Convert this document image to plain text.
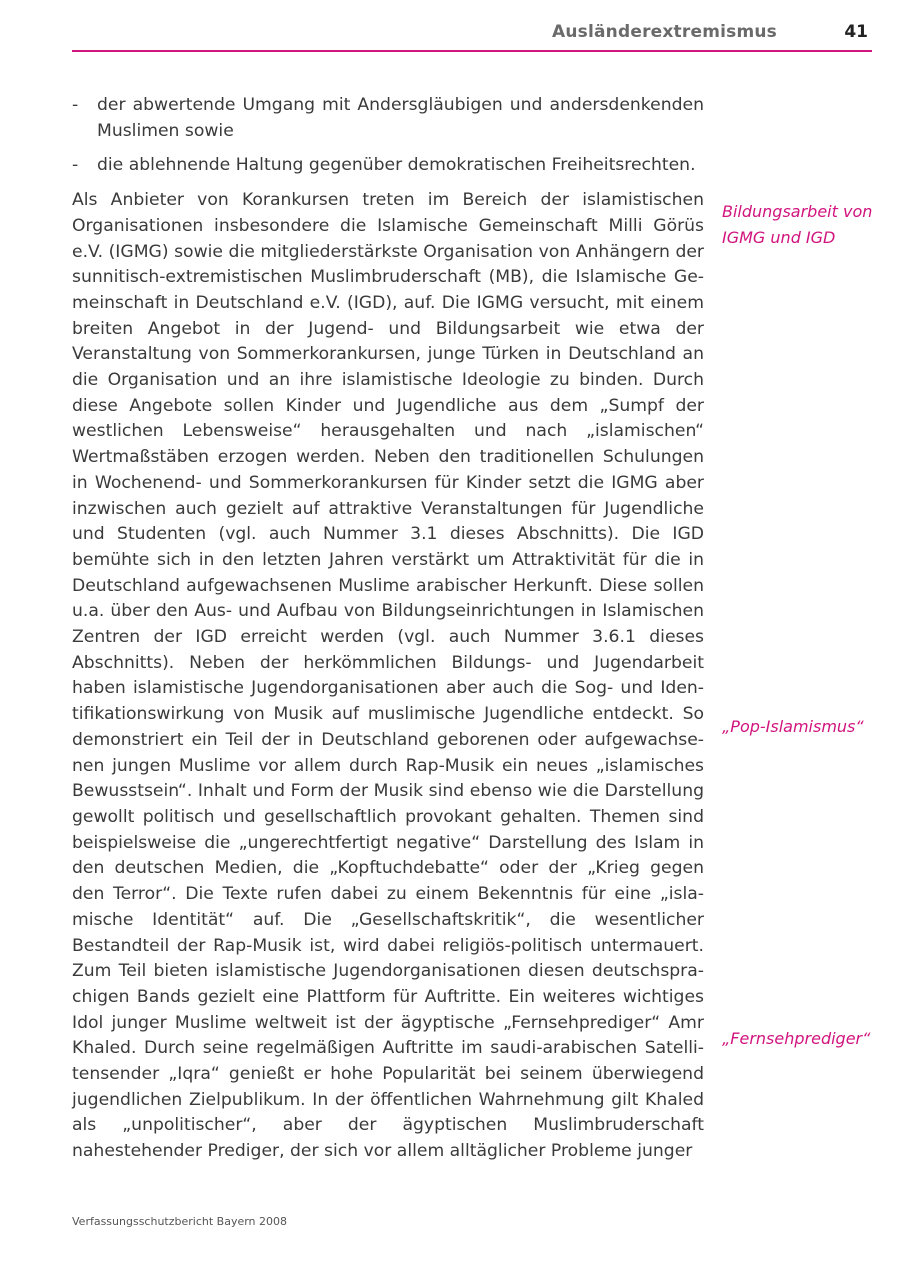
Ausländerextremismus	41
- der abwertende Umgang mit Andersgläubigen und andersdenkenden Muslimen sowie
- die ablehnende Haltung gegenüber demokratischen Freiheitsrechten.

Als Anbieter von Korankursen treten im Bereich der islamistischen Organisationen insbesondere die Islamische Gemeinschaft Milli Görüs e.V. (IGMG) sowie die mitgliederstärkste Organisation von Anhängern der sunnitisch-extremistischen Muslimbruderschaft (MB), die Islamische Gemeinschaft in Deutschland e.V. (IGD), auf. Die IGMG versucht, mit einem breiten Angebot in der Jugend- und Bildungsarbeit wie etwa der Veranstaltung von Sommerkorankursen, junge Türken in Deutschland an die Organisation und an ihre islamistische Ideologie zu binden. Durch diese Angebote sollen Kinder und Jugendliche aus dem „Sumpf der westlichen Lebensweise“ herausgehalten und nach „islamischen“ Wertmaßstäben erzogen werden. Neben den traditionellen Schulungen in Wochenend- und Sommerkorankursen für Kinder setzt die IGMG aber inzwischen auch gezielt auf attraktive Veranstaltungen für Jugendliche und Studenten (vgl. auch Nummer 3.1 dieses Abschnitts). Die IGD bemühte sich in den letzten Jahren verstärkt um Attraktivität für die in Deutschland aufgewachsenen Muslime arabischer Herkunft. Diese sollen u.a. über den Aus- und Aufbau von Bildungseinrichtungen in Islamischen Zentren der IGD erreicht werden (vgl. auch Nummer 3.6.1 dieses Abschnitts). Neben der herkömmlichen Bildungs- und Jugendarbeit haben islamistische Jugendorganisationen aber auch die Sog- und Identifikationswirkung von Musik auf muslimische Jugendliche entdeckt. So demonstriert ein Teil der in Deutschland geborenen oder aufgewachsenen jungen Muslime vor allem durch Rap-Musik ein neues „islamisches Bewusstsein“. Inhalt und Form der Musik sind ebenso wie die Darstellung gewollt politisch und gesellschaftlich provokant gehalten. Themen sind beispielsweise die „ungerechtfertigt negative“ Darstellung des Islam in den deutschen Medien, die „Kopftuchdebatte“ oder der „Krieg gegen den Terror“. Die Texte rufen dabei zu einem Bekenntnis für eine „islamische Identität“ auf. Die „Gesellschaftskritik“, die wesentlicher Bestandteil der Rap-Musik ist, wird dabei religiös-politisch untermauert. Zum Teil bieten islamistische Jugendorganisationen diesen deutschsprachigen Bands gezielt eine Plattform für Auftritte. Ein weiteres wichtiges Idol junger Muslime weltweit ist der ägyptische „Fernsehprediger“ Amr Khaled. Durch seine regelmäßigen Auftritte im saudi-arabischen Satellitensender „Iqra“ genießt er hohe Popularität bei seinem überwiegend jugendlichen Zielpublikum. In der öffentlichen Wahrnehmung gilt Khaled als „unpolitischer“, aber der ägyptischen Muslimbruderschaft nahestehender Prediger, der sich vor allem alltäglicher Probleme junger

Bildungsarbeit von IGMG und IGD
„Pop-Islamismus“
„Fernsehprediger“
Verfassungsschutzbericht Bayern 2008
